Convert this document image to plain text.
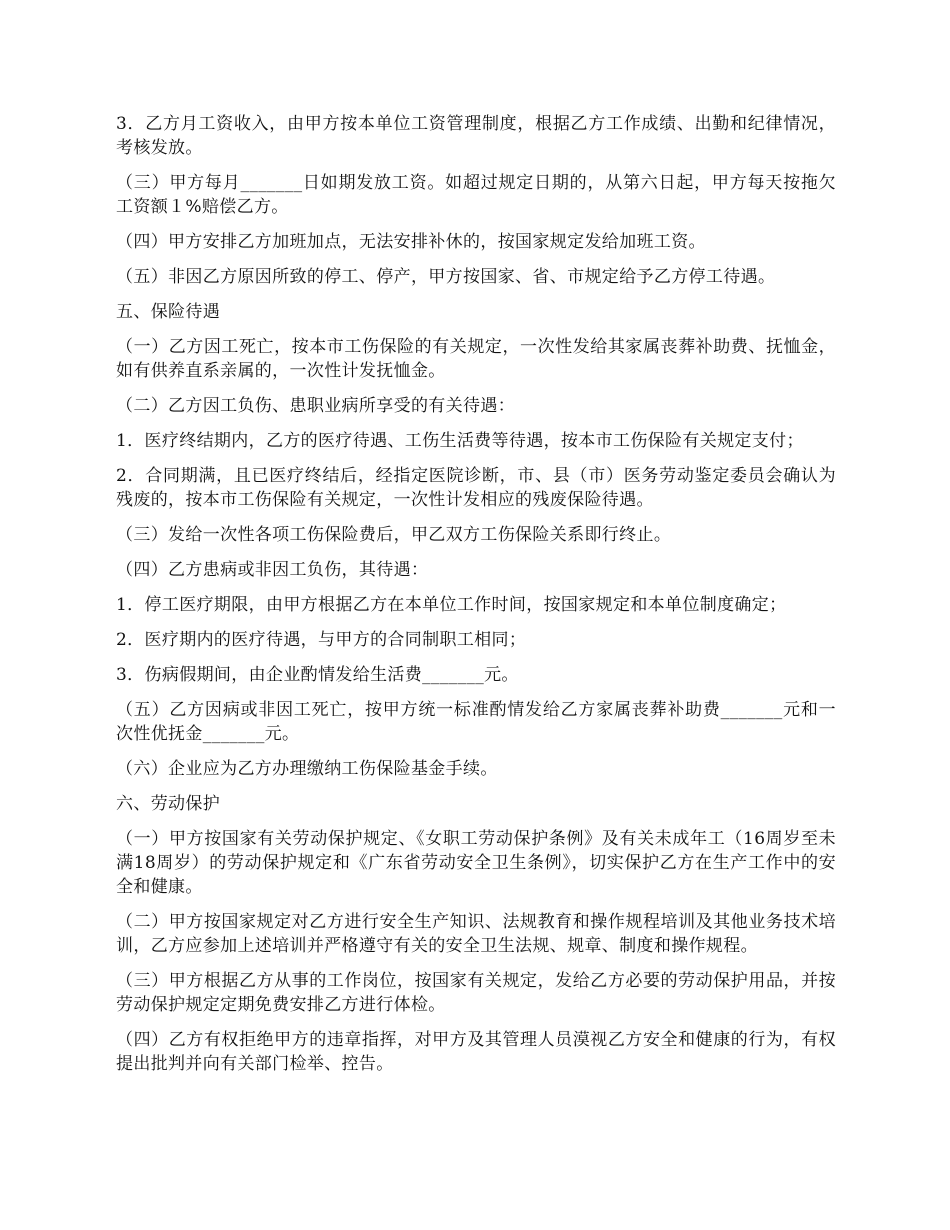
3．乙方月工资收入，由甲方按本单位工资管理制度，根据乙方工作成绩、出勤和纪律情况，考核发放。

（三）甲方每月_______日如期发放工资。如超过规定日期的，从第六日起，甲方每天按拖欠工资额１%赔偿乙方。

（四）甲方安排乙方加班加点，无法安排补休的，按国家规定发给加班工资。

（五）非因乙方原因所致的停工、停产，甲方按国家、省、市规定给予乙方停工待遇。

五、保险待遇

（一）乙方因工死亡，按本市工伤保险的有关规定，一次性发给其家属丧葬补助费、抚恤金，如有供养直系亲属的，一次性计发抚恤金。

（二）乙方因工负伤、患职业病所享受的有关待遇：

1．医疗终结期内，乙方的医疗待遇、工伤生活费等待遇，按本市工伤保险有关规定支付；

2．合同期满，且已医疗终结后，经指定医院诊断，市、县（市）医务劳动鉴定委员会确认为残废的，按本市工伤保险有关规定，一次性计发相应的残废保险待遇。

（三）发给一次性各项工伤保险费后，甲乙双方工伤保险关系即行终止。

（四）乙方患病或非因工负伤，其待遇：

1．停工医疗期限，由甲方根据乙方在本单位工作时间，按国家规定和本单位制度确定；

2．医疗期内的医疗待遇，与甲方的合同制职工相同；

3．伤病假期间，由企业酌情发给生活费_______元。

（五）乙方因病或非因工死亡，按甲方统一标准酌情发给乙方家属丧葬补助费_______元和一次性优抚金_______元。

（六）企业应为乙方办理缴纳工伤保险基金手续。

六、劳动保护

（一）甲方按国家有关劳动保护规定、《女职工劳动保护条例》及有关未成年工（16周岁至未满18周岁）的劳动保护规定和《广东省劳动安全卫生条例》，切实保护乙方在生产工作中的安全和健康。

（二）甲方按国家规定对乙方进行安全生产知识、法规教育和操作规程培训及其他业务技术培训，乙方应参加上述培训并严格遵守有关的安全卫生法规、规章、制度和操作规程。

（三）甲方根据乙方从事的工作岗位，按国家有关规定，发给乙方必要的劳动保护用品，并按劳动保护规定定期免费安排乙方进行体检。

（四）乙方有权拒绝甲方的违章指挥，对甲方及其管理人员漠视乙方安全和健康的行为，有权提出批判并向有关部门检举、控告。
